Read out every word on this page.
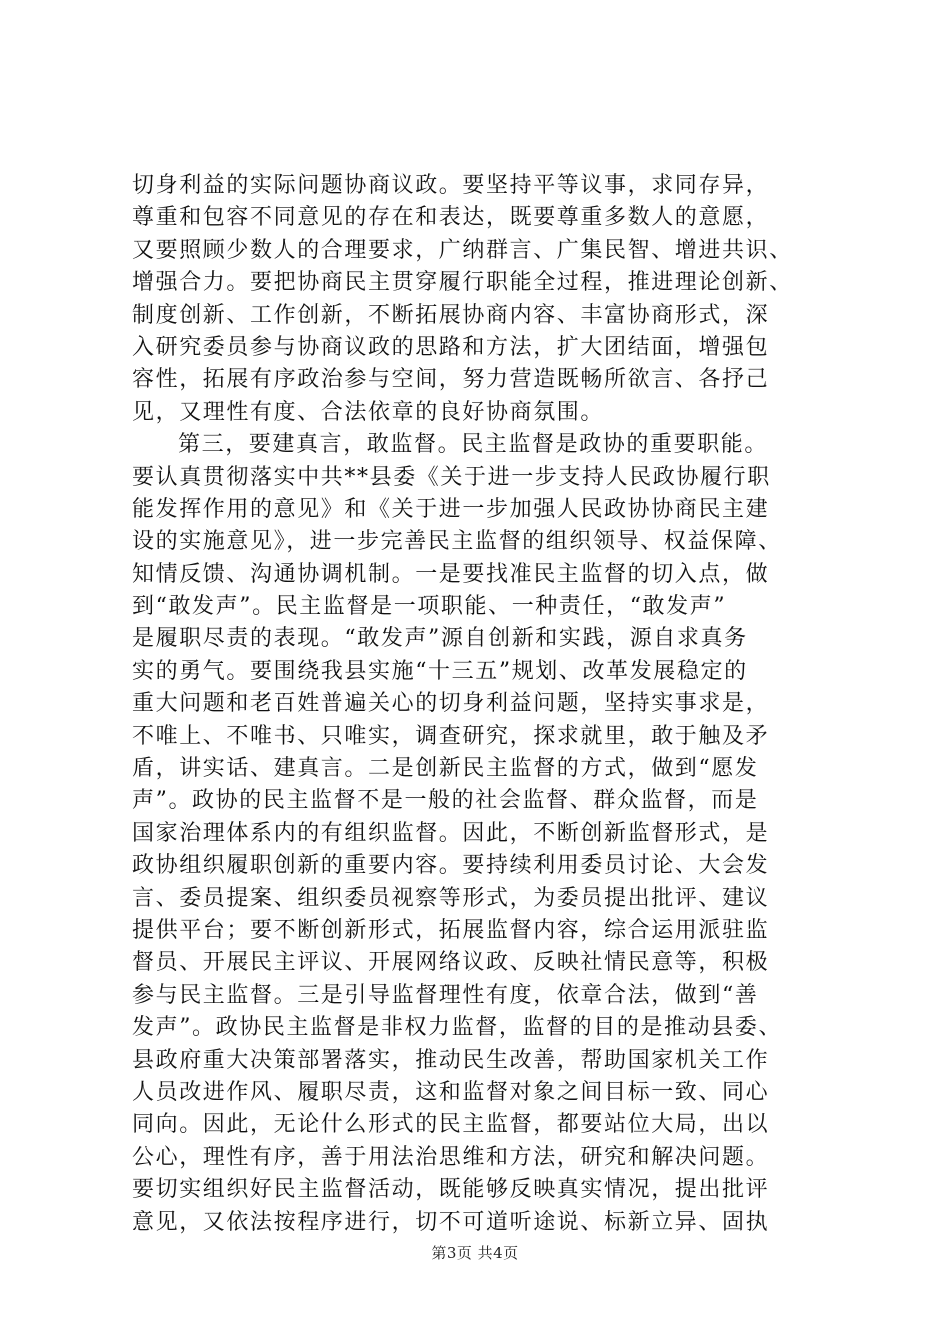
切身利益的实际问题协商议政。要坚持平等议事，求同存异，
尊重和包容不同意见的存在和表达，既要尊重多数人的意愿，
又要照顾少数人的合理要求，广纳群言、广集民智、增进共识、
增强合力。要把协商民主贯穿履行职能全过程，推进理论创新、
制度创新、工作创新，不断拓展协商内容、丰富协商形式，深
入研究委员参与协商议政的思路和方法，扩大团结面，增强包
容性，拓展有序政治参与空间，努力营造既畅所欲言、各抒己
见，又理性有度、合法依章的良好协商氛围。
第三，要建真言，敢监督。民主监督是政协的重要职能。
要认真贯彻落实中共**县委《关于进一步支持人民政协履行职
能发挥作用的意见》和《关于进一步加强人民政协协商民主建
设的实施意见》，进一步完善民主监督的组织领导、权益保障、
知情反馈、沟通协调机制。一是要找准民主监督的切入点，做
到“敢发声”。民主监督是一项职能、一种责任，“敢发声”
是履职尽责的表现。“敢发声”源自创新和实践，源自求真务
实的勇气。要围绕我县实施“十三五”规划、改革发展稳定的
重大问题和老百姓普遍关心的切身利益问题，坚持实事求是，
不唯上、不唯书、只唯实，调查研究，探求就里，敢于触及矛
盾，讲实话、建真言。二是创新民主监督的方式，做到“愿发
声”。政协的民主监督不是一般的社会监督、群众监督，而是
国家治理体系内的有组织监督。因此，不断创新监督形式，是
政协组织履职创新的重要内容。要持续利用委员讨论、大会发
言、委员提案、组织委员视察等形式，为委员提出批评、建议
提供平台；要不断创新形式，拓展监督内容，综合运用派驻监
督员、开展民主评议、开展网络议政、反映社情民意等，积极
参与民主监督。三是引导监督理性有度，依章合法，做到“善
发声”。政协民主监督是非权力监督，监督的目的是推动县委、
县政府重大决策部署落实，推动民生改善，帮助国家机关工作
人员改进作风、履职尽责，这和监督对象之间目标一致、同心
同向。因此，无论什么形式的民主监督，都要站位大局，出以
公心，理性有序，善于用法治思维和方法，研究和解决问题。
要切实组织好民主监督活动，既能够反映真实情况，提出批评
意见，又依法按程序进行，切不可道听途说、标新立异、固执
第3页 共4页
